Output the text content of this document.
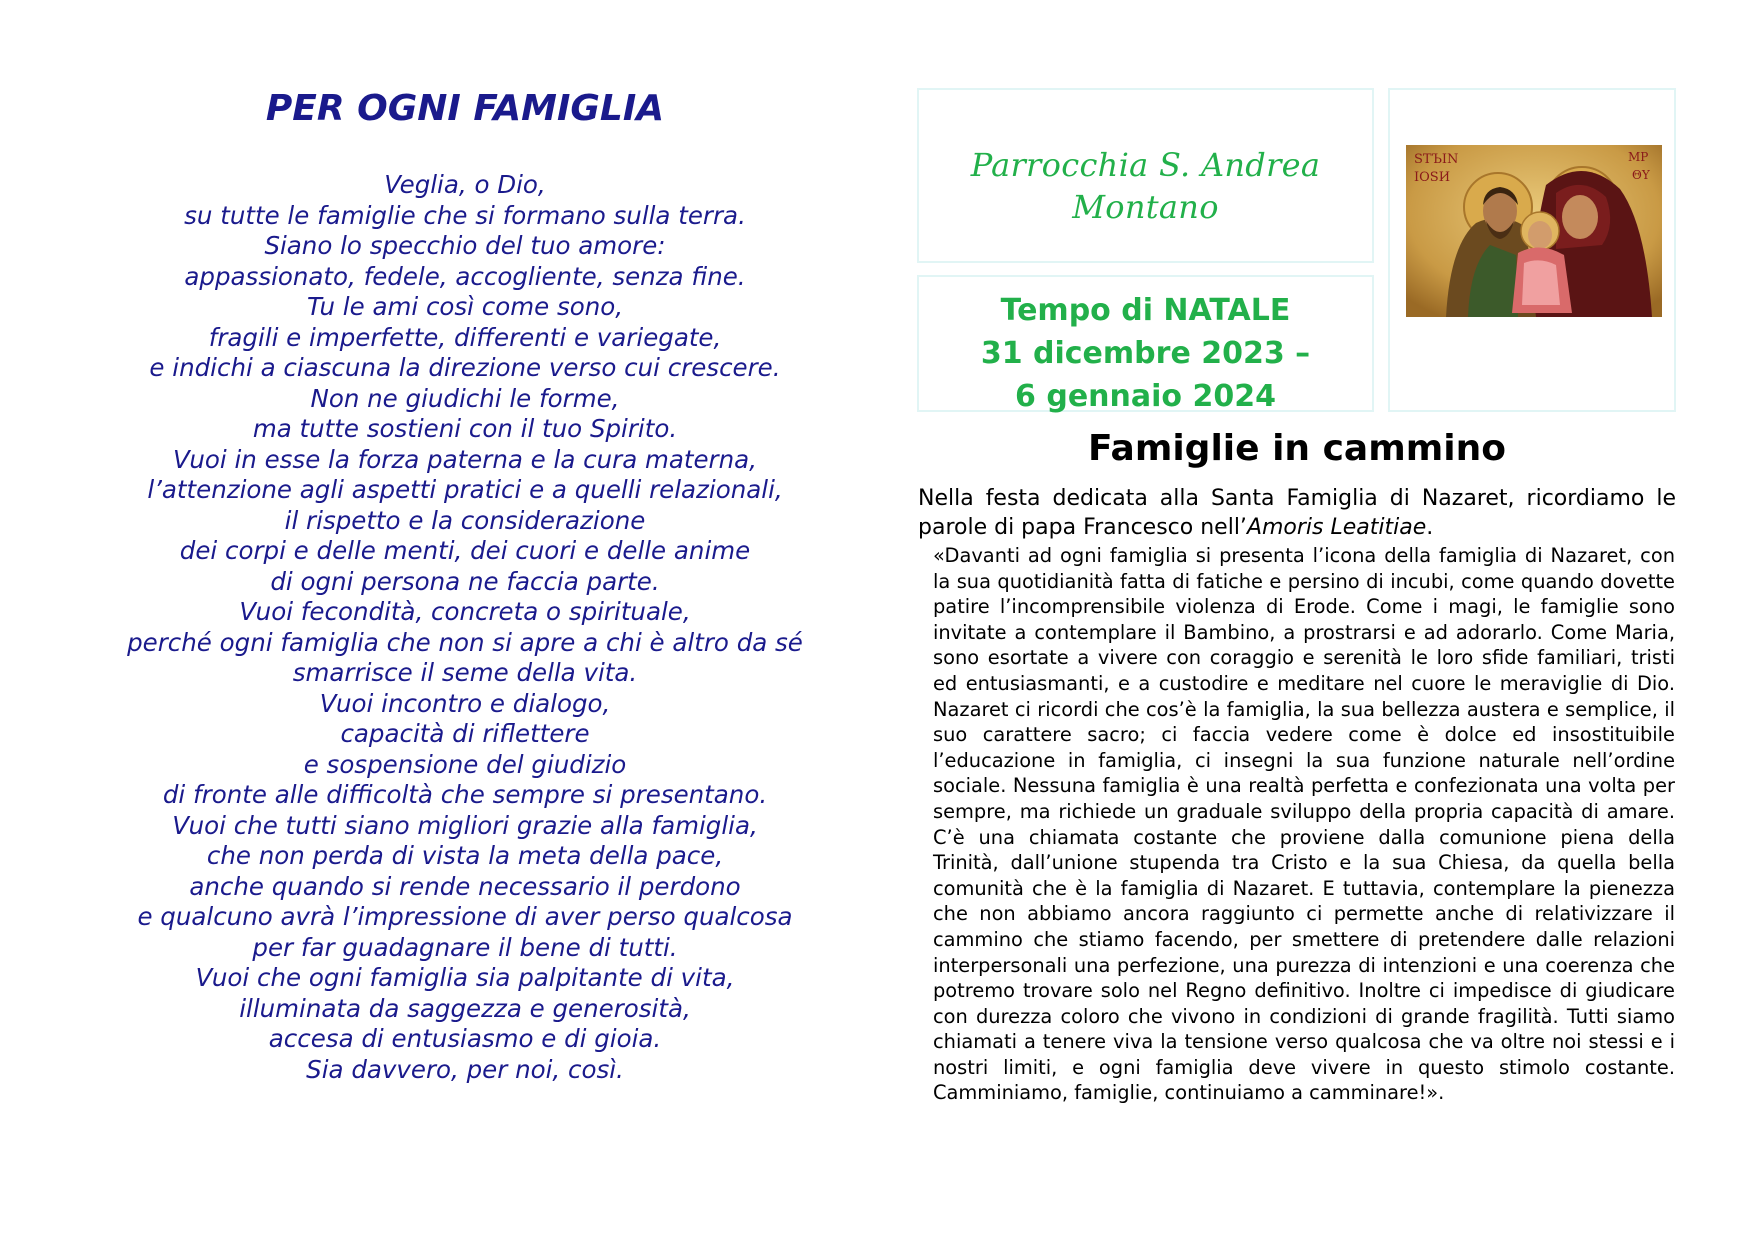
PER OGNI FAMIGLIA
Veglia, o Dio,
su tutte le famiglie che si formano sulla terra.
Siano lo specchio del tuo amore:
appassionato, fedele, accogliente, senza fine.
Tu le ami così come sono,
fragili e imperfette, differenti e variegate,
e indichi a ciascuna la direzione verso cui crescere.
Non ne giudichi le forme,
ma tutte sostieni con il tuo Spirito.
Vuoi in esse la forza paterna e la cura materna,
l’attenzione agli aspetti pratici e a quelli relazionali,
il rispetto e la considerazione
dei corpi e delle menti, dei cuori e delle anime
di ogni persona ne faccia parte.
Vuoi fecondità, concreta o spirituale,
perché ogni famiglia che non si apre a chi è altro da sé
smarrisce il seme della vita.
Vuoi incontro e dialogo,
capacità di riflettere
e sospensione del giudizio
di fronte alle difficoltà che sempre si presentano.
Vuoi che tutti siano migliori grazie alla famiglia,
che non perda di vista la meta della pace,
anche quando si rende necessario il perdono
e qualcuno avrà l’impressione di aver perso qualcosa
per far guadagnare il bene di tutti.
Vuoi che ogni famiglia sia palpitante di vita,
illuminata da saggezza e generosità,
accesa di entusiasmo e di gioia.
Sia davvero, per noi, così.
Parrocchia S. Andrea
Montano
Tempo di NATALE
31 dicembre 2023 –
6 gennaio 2024
STЪIN
IOSИ
MP
ΘY
Famiglie in cammino

Nella festa dedicata alla Santa Famiglia di Nazaret, ricordiamo le parole di papa Francesco nell’Amoris Leatitiae.

«Davanti ad ogni famiglia si presenta l’icona della famiglia di Nazaret, con la sua quotidianità fatta di fatiche e persino di incubi, come quando dovette patire l’incomprensibile violenza di Erode. Come i magi, le famiglie sono invitate a contemplare il Bambino, a prostrarsi e ad adorarlo. Come Maria, sono esortate a vivere con coraggio e serenità le loro sfide familiari, tristi ed entusiasmanti, e a custodire e meditare nel cuore le meraviglie di Dio. Nazaret ci ricordi che cos’è la famiglia, la sua bellezza austera e semplice, il suo carattere sacro; ci faccia vedere come è dolce ed insostituibile l’educazione in famiglia, ci insegni la sua funzione naturale nell’ordine sociale. Nessuna famiglia è una realtà perfetta e confezionata una volta per sempre, ma richiede un graduale sviluppo della propria capacità di amare. C’è una chiamata costante che proviene dalla comunione piena della Trinità, dall’unione stupenda tra Cristo e la sua Chiesa, da quella bella comunità che è la famiglia di Nazaret. E tuttavia, contemplare la pienezza che non abbiamo ancora raggiunto ci permette anche di relativizzare il cammino che stiamo facendo, per smettere di pretendere dalle relazioni interpersonali una perfezione, una purezza di intenzioni e una coerenza che potremo trovare solo nel Regno definitivo. Inoltre ci impedisce di giudicare con durezza coloro che vivono in condizioni di grande fragilità. Tutti siamo chiamati a tenere viva la tensione verso qualcosa che va oltre noi stessi e i nostri limiti, e ogni famiglia deve vivere in questo stimolo costante. Camminiamo, famiglie, continuiamo a camminare!».
